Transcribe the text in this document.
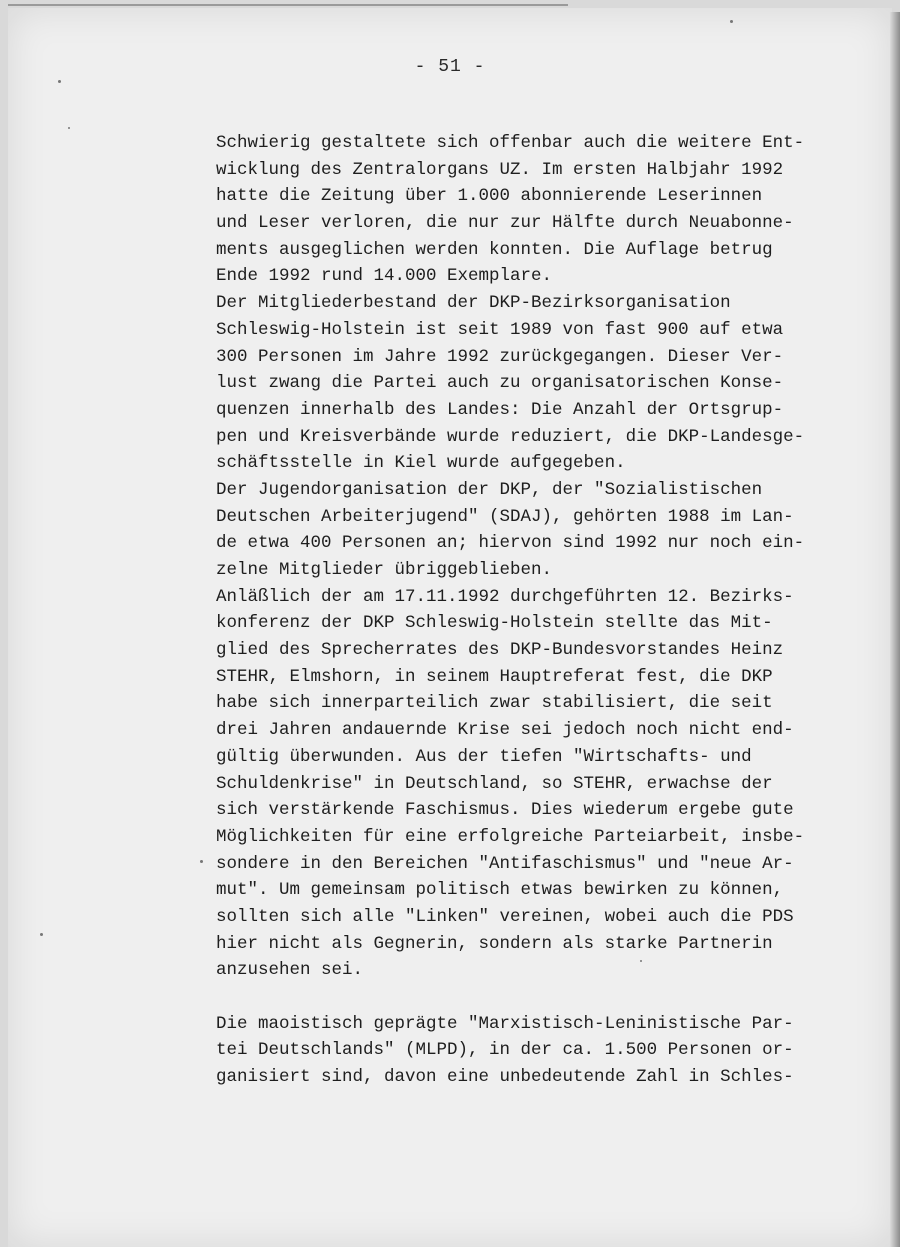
- 51 -
Schwierig gestaltete sich offenbar auch die weitere Ent-
wicklung des Zentralorgans UZ. Im ersten Halbjahr 1992
hatte die Zeitung über 1.000 abonnierende Leserinnen
und Leser verloren, die nur zur Hälfte durch Neuabonne-
ments ausgeglichen werden konnten. Die Auflage betrug
Ende 1992 rund 14.000 Exemplare.
Der Mitgliederbestand der DKP-Bezirksorganisation
Schleswig-Holstein ist seit 1989 von fast 900 auf etwa
300 Personen im Jahre 1992 zurückgegangen. Dieser Ver-
lust zwang die Partei auch zu organisatorischen Konse-
quenzen innerhalb des Landes: Die Anzahl der Ortsgrup-
pen und Kreisverbände wurde reduziert, die DKP-Landesge-
schäftsstelle in Kiel wurde aufgegeben.
Der Jugendorganisation der DKP, der "Sozialistischen
Deutschen Arbeiterjugend" (SDAJ), gehörten 1988 im Lan-
de etwa 400 Personen an; hiervon sind 1992 nur noch ein-
zelne Mitglieder übriggeblieben.
Anläßlich der am 17.11.1992 durchgeführten 12. Bezirks-
konferenz der DKP Schleswig-Holstein stellte das Mit-
glied des Sprecherrates des DKP-Bundesvorstandes Heinz
STEHR, Elmshorn, in seinem Hauptreferat fest, die DKP
habe sich innerparteilich zwar stabilisiert, die seit
drei Jahren andauernde Krise sei jedoch noch nicht end-
gültig überwunden. Aus der tiefen "Wirtschafts- und
Schuldenkrise" in Deutschland, so STEHR, erwachse der
sich verstärkende Faschismus. Dies wiederum ergebe gute
Möglichkeiten für eine erfolgreiche Parteiarbeit, insbe-
sondere in den Bereichen "Antifaschismus" und "neue Ar-
mut". Um gemeinsam politisch etwas bewirken zu können,
sollten sich alle "Linken" vereinen, wobei auch die PDS
hier nicht als Gegnerin, sondern als starke Partnerin
anzusehen sei.
Die maoistisch geprägte "Marxistisch-Leninistische Par-
tei Deutschlands" (MLPD), in der ca. 1.500 Personen or-
ganisiert sind, davon eine unbedeutende Zahl in Schles-
